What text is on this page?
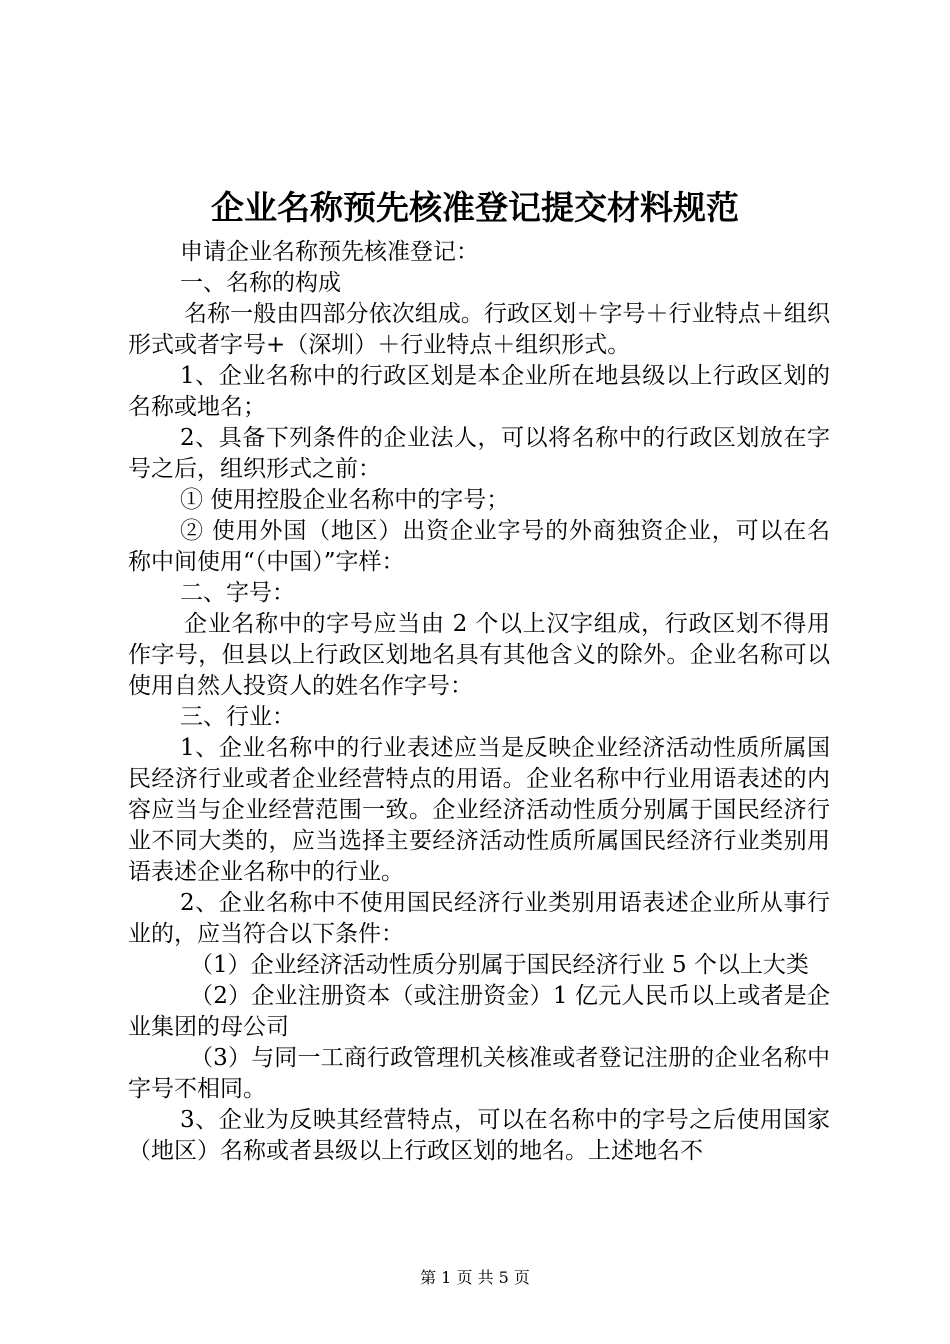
企业名称预先核准登记提交材料规范

申请企业名称预先核准登记：

一、名称的构成

名称一般由四部分依次组成。行政区划＋字号＋行业特点＋组织形式或者字号+（深圳）＋行业特点＋组织形式。

1、企业名称中的行政区划是本企业所在地县级以上行政区划的名称或地名；

2、具备下列条件的企业法人，可以将名称中的行政区划放在字号之后，组织形式之前：

① 使用控股企业名称中的字号；

② 使用外国（地区）出资企业字号的外商独资企业，可以在名称中间使用“（中国）”字样：

二、字号：

企业名称中的字号应当由 2 个以上汉字组成，行政区划不得用作字号，但县以上行政区划地名具有其他含义的除外。企业名称可以使用自然人投资人的姓名作字号：

三、行业：

1、企业名称中的行业表述应当是反映企业经济活动性质所属国民经济行业或者企业经营特点的用语。企业名称中行业用语表述的内容应当与企业经营范围一致。企业经济活动性质分别属于国民经济行业不同大类的，应当选择主要经济活动性质所属国民经济行业类别用语表述企业名称中的行业。

2、企业名称中不使用国民经济行业类别用语表述企业所从事行业的，应当符合以下条件：

（1）企业经济活动性质分别属于国民经济行业 5 个以上大类

（2）企业注册资本（或注册资金）1 亿元人民币以上或者是企业集团的母公司

（3）与同一工商行政管理机关核准或者登记注册的企业名称中字号不相同。

3、企业为反映其经营特点，可以在名称中的字号之后使用国家（地区）名称或者县级以上行政区划的地名。上述地名不

第 1 页 共 5 页
